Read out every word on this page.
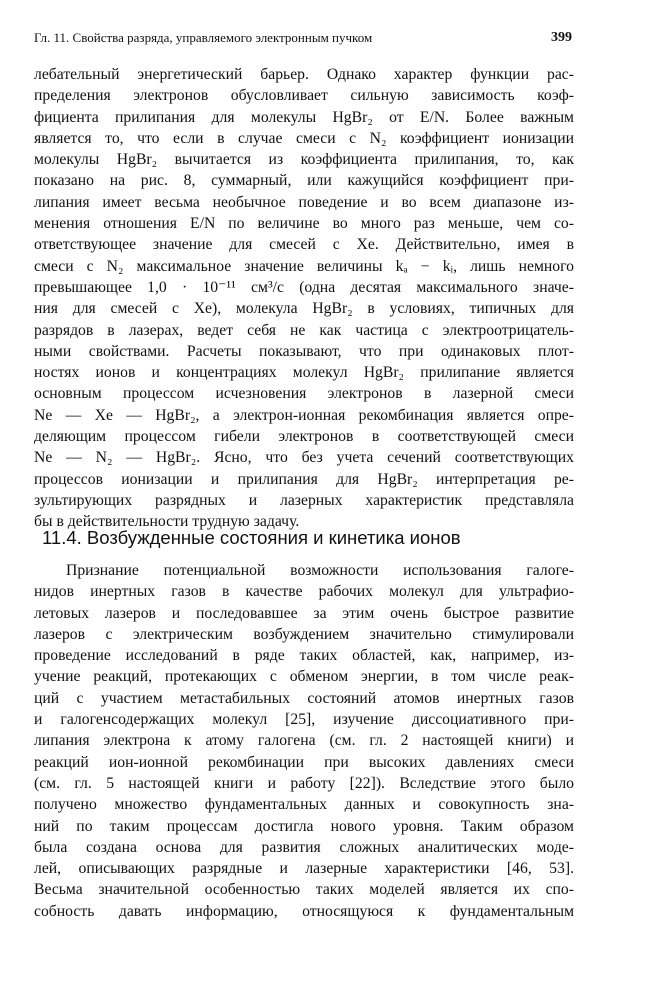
Гл. 11. Свойства разряда, управляемого электронным пучком	399
лебательный энергетический барьер. Однако характер функции рас-
пределения электронов обусловливает сильную зависимость коэф-
фициента прилипания для молекулы HgBr₂ от E/N. Более важным
является то, что если в случае смеси с N₂ коэффициент ионизации
молекулы HgBr₂ вычитается из коэффициента прилипания, то, как
показано на рис. 8, суммарный, или кажущийся коэффициент при-
липания имеет весьма необычное поведение и во всем диапазоне из-
менения отношения E/N по величине во много раз меньше, чем со-
ответствующее значение для смесей с Xe. Действительно, имея в
смеси с N₂ максимальное значение величины kₐ − kᵢ, лишь немного
превышающее 1,0 · 10⁻¹¹ см³/с (одна десятая максимального значе-
ния для смесей с Xe), молекула HgBr₂ в условиях, типичных для
разрядов в лазерах, ведет себя не как частица с электроотрицатель-
ными свойствами. Расчеты показывают, что при одинаковых плот-
ностях ионов и концентрациях молекул HgBr₂ прилипание является
основным процессом исчезновения электронов в лазерной смеси
Ne — Xe — HgBr₂, а электрон-ионная рекомбинация является опре-
деляющим процессом гибели электронов в соответствующей смеси
Ne — N₂ — HgBr₂. Ясно, что без учета сечений соответствующих
процессов ионизации и прилипания для HgBr₂ интерпретация ре-
зультирующих разрядных и лазерных характеристик представляла
бы в действительности трудную задачу.
11.4. Возбужденные состояния и кинетика ионов
Признание потенциальной возможности использования галоге-
нидов инертных газов в качестве рабочих молекул для ультрафио-
летовых лазеров и последовавшее за этим очень быстрое развитие
лазеров с электрическим возбуждением значительно стимулировали
проведение исследований в ряде таких областей, как, например, из-
учение реакций, протекающих с обменом энергии, в том числе реак-
ций с участием метастабильных состояний атомов инертных газов
и галогенсодержащих молекул [25], изучение диссоциативного при-
липания электрона к атому галогена (см. гл. 2 настоящей книги) и
реакций ион-ионной рекомбинации при высоких давлениях смеси
(см. гл. 5 настоящей книги и работу [22]). Вследствие этого было
получено множество фундаментальных данных и совокупность зна-
ний по таким процессам достигла нового уровня. Таким образом
была создана основа для развития сложных аналитических моде-
лей, описывающих разрядные и лазерные характеристики [46, 53].
Весьма значительной особенностью таких моделей является их спо-
собность давать информацию, относящуюся к фундаментальным
